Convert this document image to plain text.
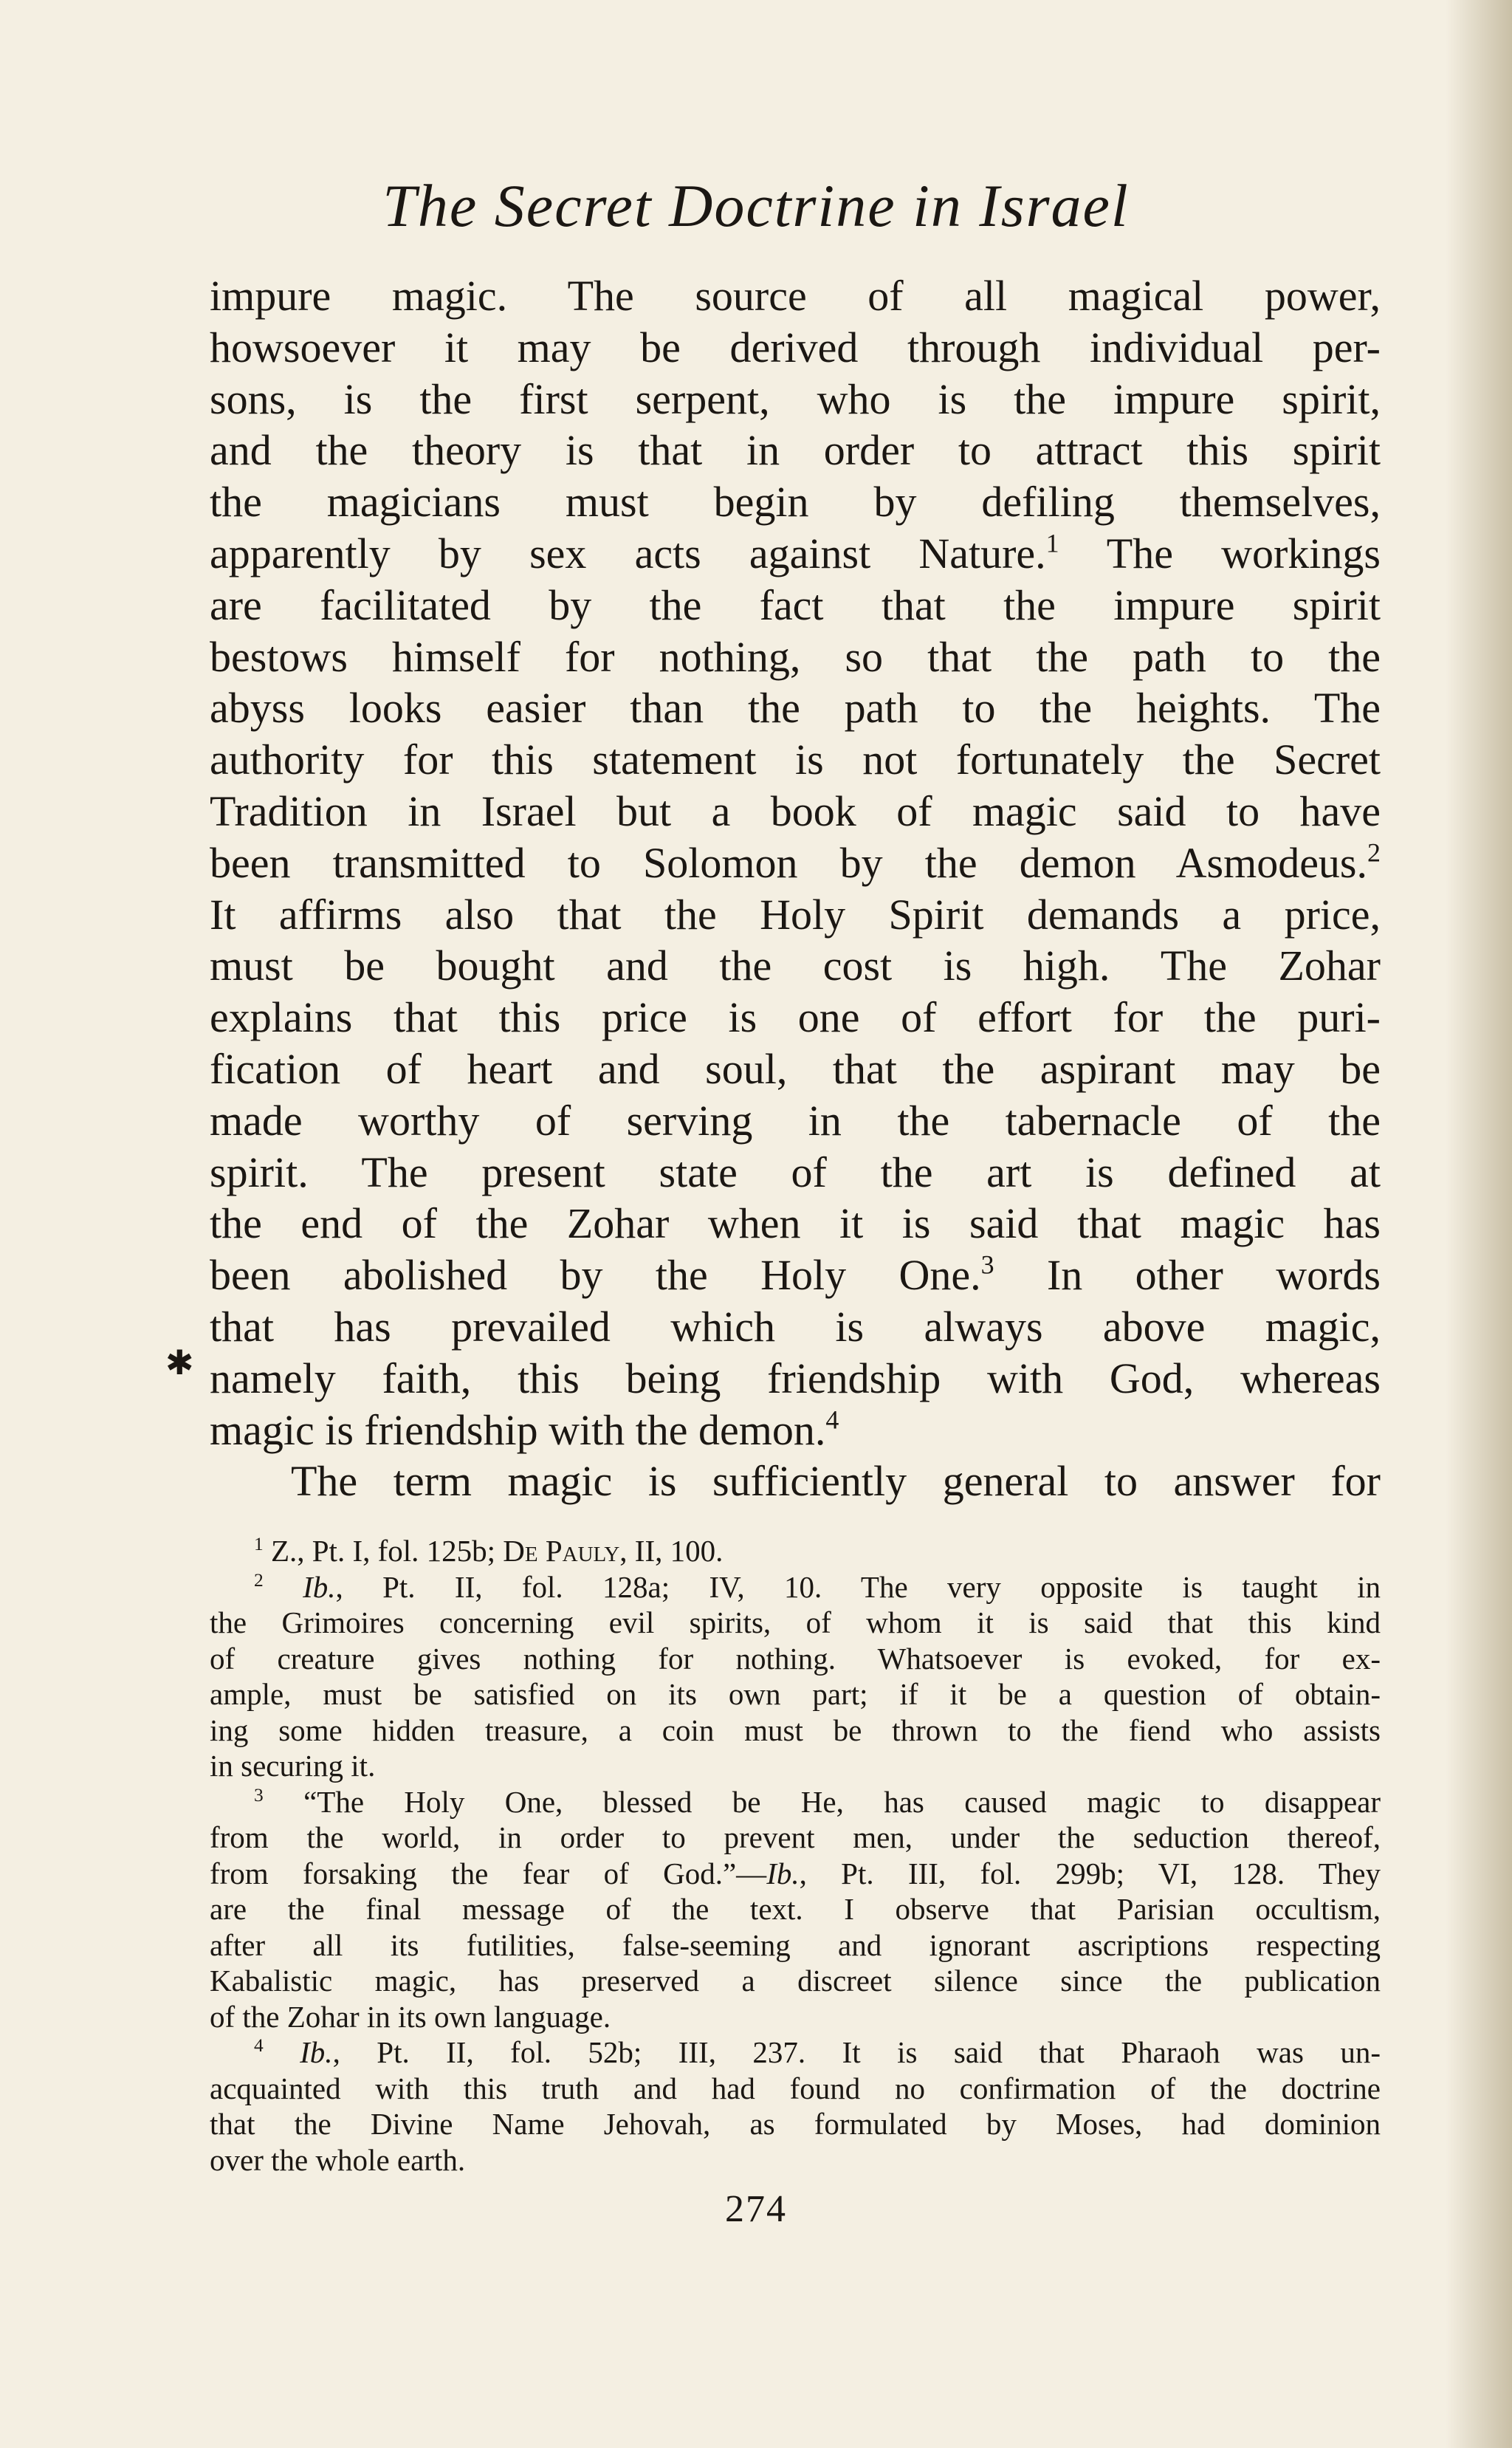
The Secret Doctrine in Israel
✱
impure magic. The source of all magical power,
howsoever it may be derived through individual per-
sons, is the first serpent, who is the impure spirit,
and the theory is that in order to attract this spirit
the magicians must begin by defiling themselves,
apparently by sex acts against Nature.$^1$ The workings
are facilitated by the fact that the impure spirit
bestows himself for nothing, so that the path to the
abyss looks easier than the path to the heights. The
authority for this statement is not fortunately the Secret
Tradition in Israel but a book of magic said to have
been transmitted to Solomon by the demon Asmodeus.$^2$
It affirms also that the Holy Spirit demands a price,
must be bought and the cost is high. The Zohar
explains that this price is one of effort for the puri-
fication of heart and soul, that the aspirant may be
made worthy of serving in the tabernacle of the
spirit. The present state of the art is defined at
the end of the Zohar when it is said that magic has
been abolished by the Holy One.$^3$ In other words
that has prevailed which is always above magic,
namely faith, this being friendship with God, whereas
magic is friendship with the demon.$^4$
The term magic is sufficiently general to answer for
$^1$ Z., Pt. I, fol. 125b; De Pauly, II, 100.
$^2$ Ib., Pt. II, fol. 128a; IV, 10. The very opposite is taught in
the Grimoires concerning evil spirits, of whom it is said that this kind
of creature gives nothing for nothing. Whatsoever is evoked, for ex-
ample, must be satisfied on its own part; if it be a question of obtain-
ing some hidden treasure, a coin must be thrown to the fiend who assists
in securing it.
$^3$ “The Holy One, blessed be He, has caused magic to disappear
from the world, in order to prevent men, under the seduction thereof,
from forsaking the fear of God.”—Ib., Pt. III, fol. 299b; VI, 128. They
are the final message of the text. I observe that Parisian occultism,
after all its futilities, false-seeming and ignorant ascriptions respecting
Kabalistic magic, has preserved a discreet silence since the publication
of the Zohar in its own language.
$^4$ Ib., Pt. II, fol. 52b; III, 237. It is said that Pharaoh was un-
acquainted with this truth and had found no confirmation of the doctrine
that the Divine Name Jehovah, as formulated by Moses, had dominion
over the whole earth.
274
